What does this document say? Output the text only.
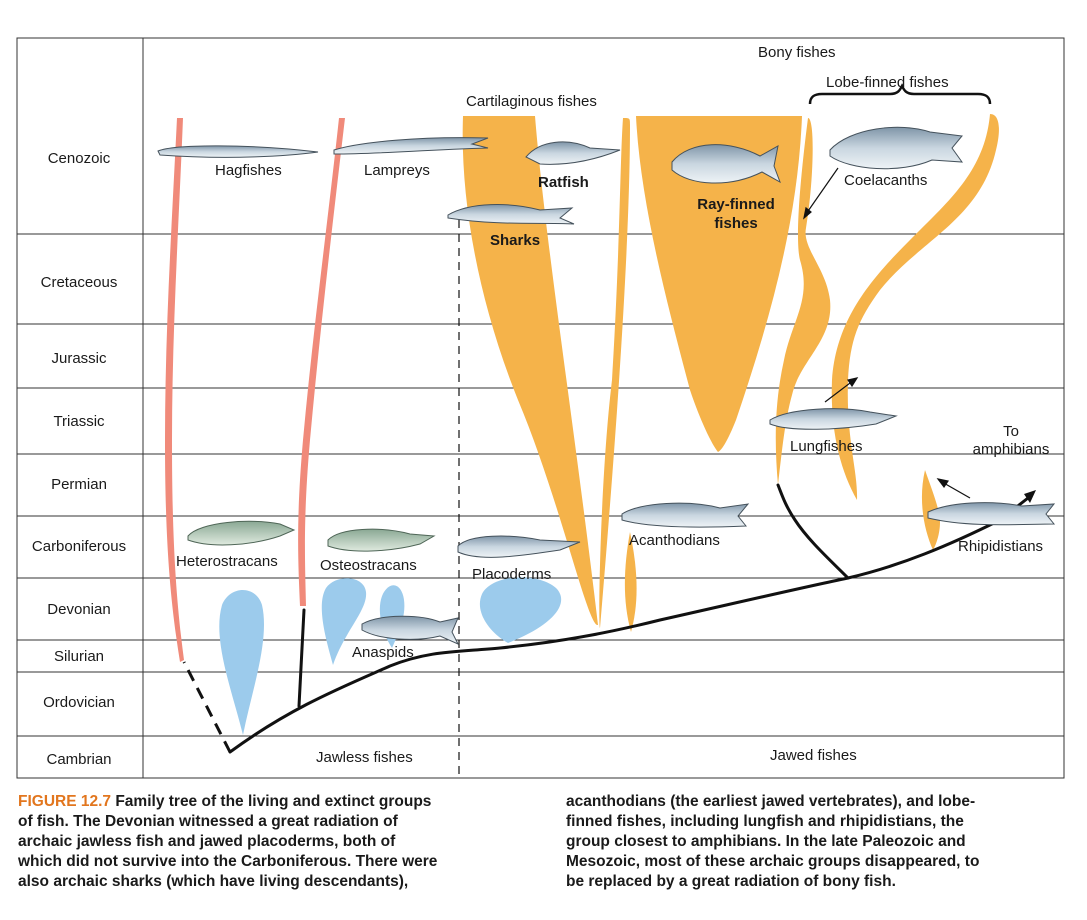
Cenozoic
Cretaceous
Jurassic
Triassic
Permian
Carboniferous
Devonian
Silurian
Ordovician
Cambrian
Bony fishes
Lobe-finned fishes
Cartilaginous fishes
Jawless fishes	Jawed fishes
Hagfishes	Lampreys
Ratfish
Sharks
Ray-finned
fishes
Coelacanths
Lungfishes
To
amphibians
Heterostracans	Osteostracans
Placoderms
Acanthodians	Rhipidistians
Anaspids
FIGURE 12.7 Family tree of the living and extinct groups
of fish. The Devonian witnessed a great radiation of
archaic jawless fish and jawed placoderms, both of
which did not survive into the Carboniferous. There were
also archaic sharks (which have living descendants),
acanthodians (the earliest jawed vertebrates), and lobe-
finned fishes, including lungfish and rhipidistians, the
group closest to amphibians. In the late Paleozoic and
Mesozoic, most of these archaic groups disappeared, to
be replaced by a great radiation of bony fish.
